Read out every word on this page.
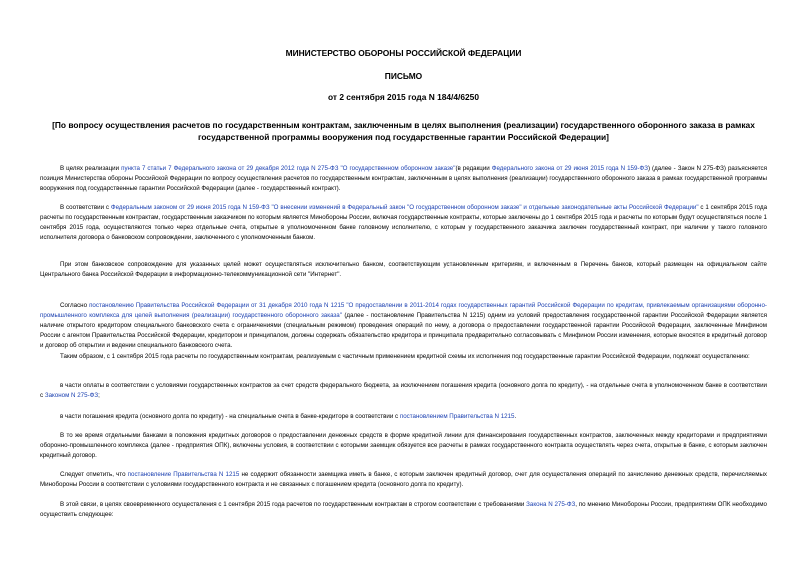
МИНИСТЕРСТВО ОБОРОНЫ РОССИЙСКОЙ ФЕДЕРАЦИИ
ПИСЬМО
от 2 сентября 2015 года N 184/4/6250
[По вопросу осуществления расчетов по государственным контрактам, заключенным в целях выполнения (реализации) государственного оборонного заказа в рамках государственной программы вооружения под государственные гарантии Российской Федерации]

В целях реализации пункта 7 статьи 7 Федерального закона от 29 декабря 2012 года N 275-ФЗ "О государственном оборонном заказе"(в редакции Федерального закона от 29 июня 2015 года N 159-ФЗ) (далее - Закон N 275-ФЗ) разъясняется позиция Министерства обороны Российской Федерации по вопросу осуществления расчетов по государственным контрактам, заключенным в целях выполнения (реализации) государственного оборонного заказа в рамках государственной программы вооружения под государственные гарантии Российской Федерации (далее - государственный контракт).

В соответствии с Федеральным законом от 29 июня 2015 года N 159-ФЗ "О внесении изменений в Федеральный закон "О государственном оборонном заказе" и отдельные законодательные акты Российской Федерации" с 1 сентября 2015 года расчеты по государственным контрактам, государственным заказчиком по которым является Минобороны России, включая государственные контракты, которые заключены до 1 сентября 2015 года и расчеты по которым будут осуществляться после 1 сентября 2015 года, осуществляются только через отдельные счета, открытые в уполномоченном банке головному исполнителю, с которым у государственного заказчика заключен государственный контракт, при наличии у такого головного исполнителя договора о банковском сопровождении, заключенного с уполномоченным банком.

При этом банковское сопровождение для указанных целей может осуществляться исключительно банком, соответствующим установленным критериям, и включенным в Перечень банков, который размещен на официальном сайте Центрального банка Российской Федерации в информационно-телекоммуникационной сети "Интернет".

Согласно постановлению Правительства Российской Федерации от 31 декабря 2010 года N 1215 "О предоставлении в 2011-2014 годах государственных гарантий Российской Федерации по кредитам, привлекаемым организациями оборонно-промышленного комплекса для целей выполнения (реализации) государственного оборонного заказа" (далее - постановление Правительства N 1215) одним из условий предоставления государственной гарантии Российской Федерации является наличие открытого кредитором специального банковского счета с ограничениями (специальным режимом) проведения операций по нему, а договора о предоставлении государственной гарантии Российской Федерации, заключенные Минфином России с агентом Правительства Российской Федерации, кредитором и принципалом, должны содержать обязательство кредитора и принципала предварительно согласовывать с Минфином России изменения, которые вносятся в кредитный договор и договор об открытии и ведении специального банковского счета.

Таким образом, с 1 сентября 2015 года расчеты по государственным контрактам, реализуемым с частичным применением кредитной схемы их исполнения под государственные гарантии Российской Федерации, подлежат осуществлению:

в части оплаты в соответствии с условиями государственных контрактов за счет средств федерального бюджета, за исключением погашения кредита (основного долга по кредиту), - на отдельные счета в уполномоченном банке в соответствии с Законом N 275-ФЗ;

в части погашения кредита (основного долга по кредиту) - на специальные счета в банке-кредиторе в соответствии с постановлением Правительства N 1215.

В то же время отдельными банками в положения кредитных договоров о предоставлении денежных средств в форме кредитной линии для финансирования государственных контрактов, заключенных между кредиторами и предприятиями оборонно-промышленного комплекса (далее - предприятия ОПК), включены условия, в соответствии с которыми заемщик обязуется все расчеты в рамках государственного контракта осуществлять через счета, открытые в банке, с которым заключен кредитный договор.

Следует отметить, что постановление Правительства N 1215 не содержит обязанности заемщика иметь в банке, с которым заключен кредитный договор, счет для осуществления операций по зачислению денежных средств, перечисляемых Минобороны России в соответствии с условиями государственного контракта и не связанных с погашением кредита (основного долга по кредиту).

В этой связи, в целях своевременного осуществления с 1 сентября 2015 года расчетов по государственным контрактам в строгом соответствии с требованиями Закона N 275-ФЗ, по мнению Минобороны России, предприятиям ОПК необходимо осуществить следующее:
